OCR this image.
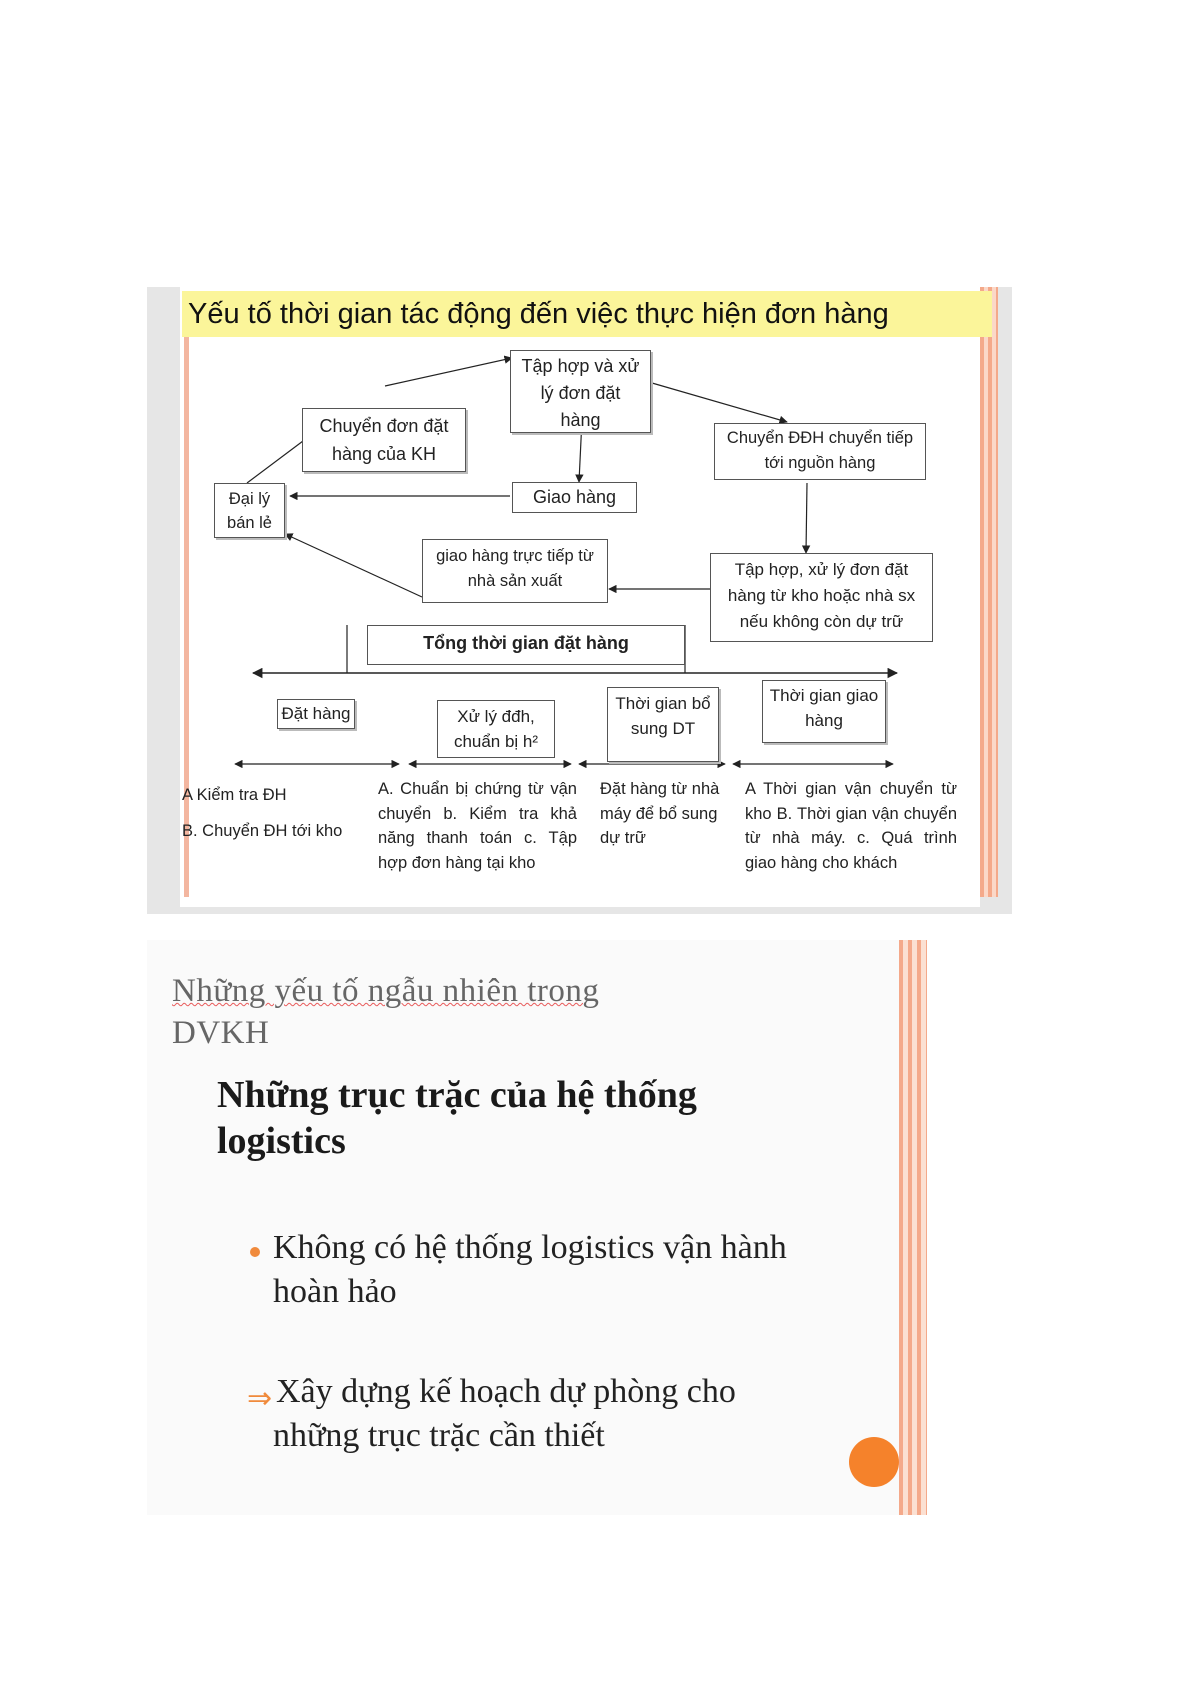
Yếu tố thời gian tác động đến việc thực hiện đơn hàng
Tập hợp và xử
lý đơn đặt
hàng
Chuyển đơn đặt
hàng của KH
Chuyển ĐĐH chuyển tiếp
tới nguồn hàng
Đại lý
bán lẻ
Giao hàng
giao hàng trực tiếp từ
nhà sản xuất
Tập hợp, xử lý đơn đặt
hàng từ kho hoặc nhà sx
nếu không còn dự trữ
Tổng thời gian đặt hàng
Đặt hàng	Xử lý đđh,
chuẩn bị h²
Thời gian bổ
sung DT
Thời gian giao
hàng
A Kiểm tra ĐH
B. Chuyển ĐH tới kho
A. Chuẩn bị chứng từ vận chuyển b. Kiểm tra khả năng thanh toán c. Tập hợp đơn hàng tại kho
Đặt hàng từ nhà máy để bổ sung dự trữ
A Thời gian vận chuyển từ kho B. Thời gian vận chuyển từ nhà máy. c. Quá trình giao hàng cho khách
Những yếu tố ngẫu nhiên trong
DVKH
Những trục trặc của hệ thống
logistics
Không có hệ thống logistics vận hành
hoàn hảo
⇒ Xây dựng kế hoạch dự phòng cho
những trục trặc cần thiết
